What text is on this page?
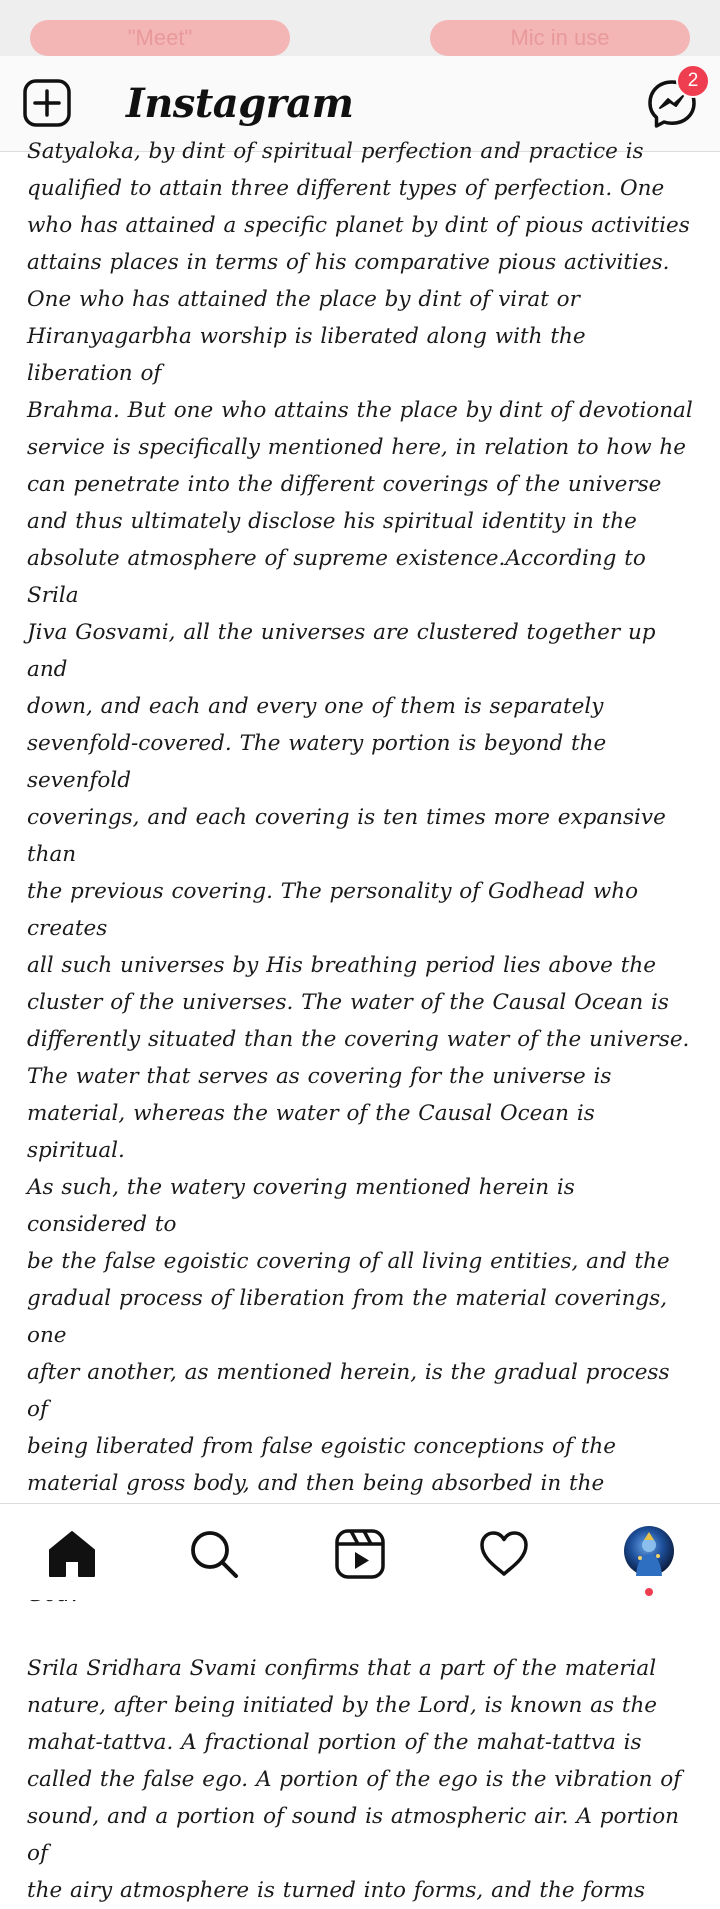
"Meet"	Mic in use
Instagram	2

Satyaloka, by dint of spiritual perfection and practice is
qualified to attain three different types of perfection. One
who has attained a specific planet by dint of pious activities
attains places in terms of his comparative pious activities.
One who has attained the place by dint of virat or
Hiranyagarbha worship is liberated along with the liberation of
Brahma. But one who attains the place by dint of devotional
service is specifically mentioned here, in relation to how he
can penetrate into the different coverings of the universe
and thus ultimately disclose his spiritual identity in the
absolute atmosphere of supreme existence.According to Srila
Jiva Gosvami, all the universes are clustered together up and
down, and each and every one of them is separately
sevenfold-covered. The watery portion is beyond the sevenfold
coverings, and each covering is ten times more expansive than
the previous covering. The personality of Godhead who creates
all such universes by His breathing period lies above the
cluster of the universes. The water of the Causal Ocean is
differently situated than the covering water of the universe.
The water that serves as covering for the universe is
material, whereas the water of the Causal Ocean is spiritual.
As such, the watery covering mentioned herein is considered to
be the false egoistic covering of all living entities, and the
gradual process of liberation from the material coverings, one
after another, as mentioned herein, is the gradual process of
being liberated from false egoistic conceptions of the
material gross body, and then being absorbed in the

Srila Sridhara Svami confirms that a part of the material
nature, after being initiated by the Lord, is known as the
mahat-tattva. A fractional portion of the mahat-tattva is
called the false ego. A portion of the ego is the vibration of
sound, and a portion of sound is atmospheric air. A portion of
the airy atmosphere is turned into forms, and the forms
